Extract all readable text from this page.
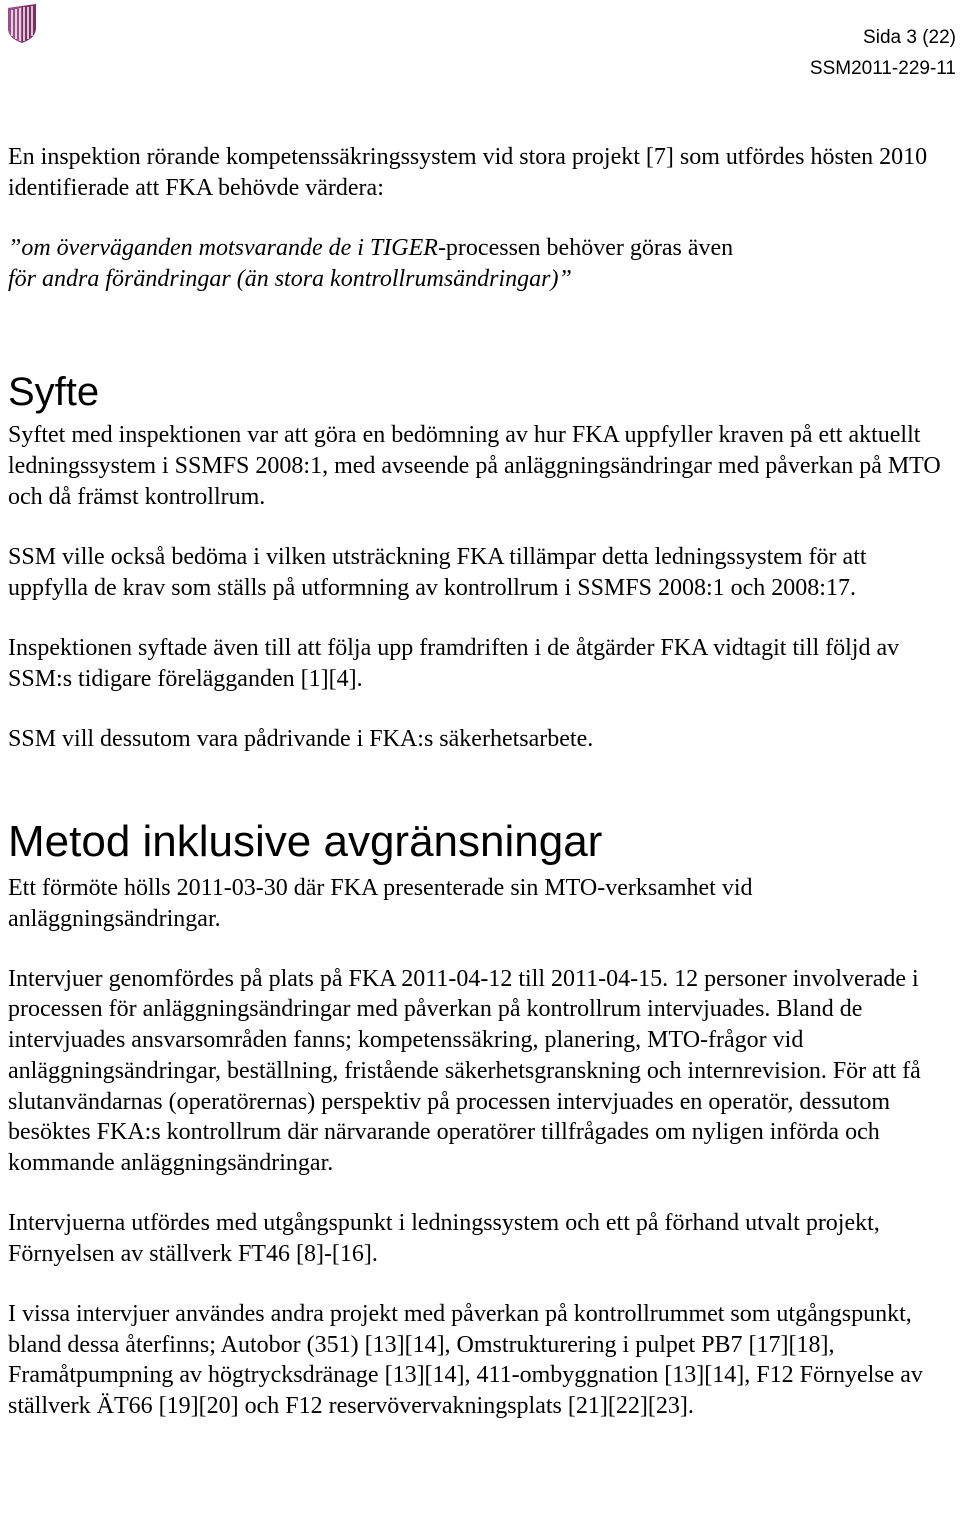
Sida 3 (22)
SSM2011-229-11

En inspektion rörande kompetenssäkringssystem vid stora projekt [7] som utfördes hösten 2010 identifierade att FKA behövde värdera:

”om överväganden motsvarande de i TIGER-processen behöver göras även
för andra förändringar (än stora kontrollrumsändringar)”

Syfte

Syftet med inspektionen var att göra en bedömning av hur FKA uppfyller kraven på ett aktuellt ledningssystem i SSMFS 2008:1, med avseende på anläggningsändringar med påverkan på MTO och då främst kontrollrum.

SSM ville också bedöma i vilken utsträckning FKA tillämpar detta ledningssystem för att uppfylla de krav som ställs på utformning av kontrollrum i SSMFS 2008:1 och 2008:17.

Inspektionen syftade även till att följa upp framdriften i de åtgärder FKA vidtagit till följd av SSM:s tidigare förelägganden [1][4].

SSM vill dessutom vara pådrivande i FKA:s säkerhetsarbete.

Metod inklusive avgränsningar

Ett förmöte hölls 2011-03-30 där FKA presenterade sin MTO-verksamhet vid anläggningsändringar.

Intervjuer genomfördes på plats på FKA 2011-04-12 till 2011-04-15. 12 personer involverade i processen för anläggningsändringar med påverkan på kontrollrum intervjuades. Bland de intervjuades ansvarsområden fanns; kompetenssäkring, planering, MTO-frågor vid anläggningsändringar, beställning, fristående säkerhetsgranskning och internrevision. För att få slutanvändarnas (operatörernas) perspektiv på processen intervjuades en operatör, dessutom besöktes FKA:s kontrollrum där närvarande operatörer tillfrågades om nyligen införda och kommande anläggningsändringar.

Intervjuerna utfördes med utgångspunkt i ledningssystem och ett på förhand utvalt projekt, Förnyelsen av ställverk FT46 [8]-[16].

I vissa intervjuer användes andra projekt med påverkan på kontrollrummet som utgångspunkt, bland dessa återfinns; Autobor (351) [13][14], Omstrukturering i pulpet PB7 [17][18], Framåtpumpning av högtrycksdränage [13][14], 411-ombyggnation [13][14], F12 Förnyelse av ställverk ÄT66 [19][20] och F12 reservövervakningsplats [21][22][23].
